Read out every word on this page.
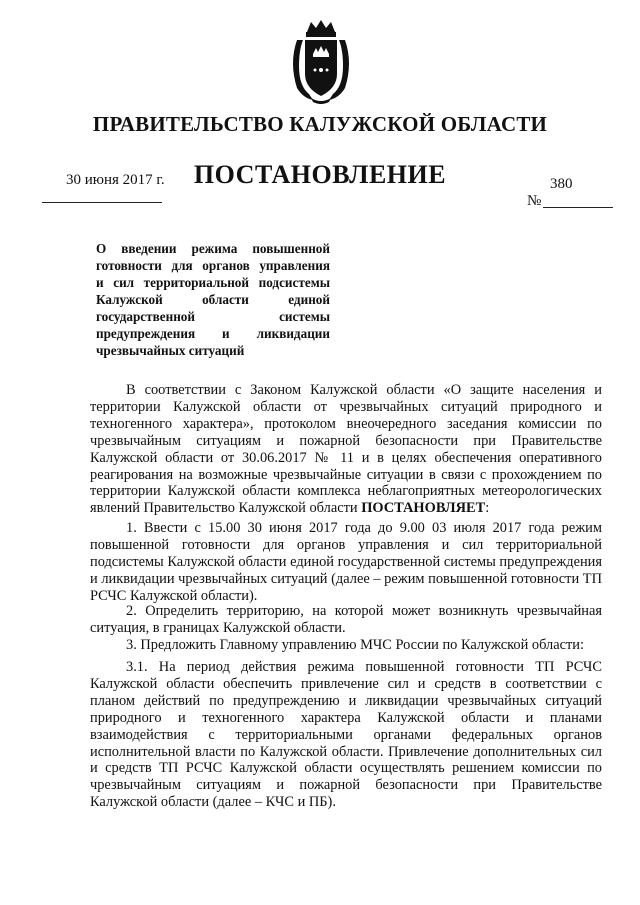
ПРАВИТЕЛЬСТВО КАЛУЖСКОЙ ОБЛАСТИ
30 июня 2017 г.	ПОСТАНОВЛЕНИЕ	380
№
О введении режима повышенной
готовности для органов управления
и сил территориальной подсистемы
Калужской области единой
государственной системы
предупреждения и ликвидации
чрезвычайных ситуаций
В соответствии с Законом Калужской области «О защите населения и территории Калужской области от чрезвычайных ситуаций природного и техногенного характера», протоколом внеочередного заседания комиссии по чрезвычайным ситуациям и пожарной безопасности при Правительстве Калужской области от 30.06.2017 № 11 и в целях обеспечения оперативного реагирования на возможные чрезвычайные ситуации в связи с прохождением по территории Калужской области комплекса неблагоприятных метеорологических явлений Правительство Калужской области ПОСТАНОВЛЯЕТ:
1. Ввести с 15.00 30 июня 2017 года до 9.00 03 июля 2017 года режим повышенной готовности для органов управления и сил территориальной подсистемы Калужской области единой государственной системы предупреждения и ликвидации чрезвычайных ситуаций (далее – режим повышенной готовности ТП РСЧС Калужской области).
2. Определить территорию, на которой может возникнуть чрезвычайная ситуация, в границах Калужской области.
3. Предложить Главному управлению МЧС России по Калужской области:
3.1. На период действия режима повышенной готовности ТП РСЧС Калужской области обеспечить привлечение сил и средств в соответствии с планом действий по предупреждению и ликвидации чрезвычайных ситуаций природного и техногенного характера Калужской области и планами взаимодействия с территориальными органами федеральных органов исполнительной власти по Калужской области. Привлечение дополнительных сил и средств ТП РСЧС Калужской области осуществлять решением комиссии по чрезвычайным ситуациям и пожарной безопасности при Правительстве Калужской области (далее – КЧС и ПБ).
